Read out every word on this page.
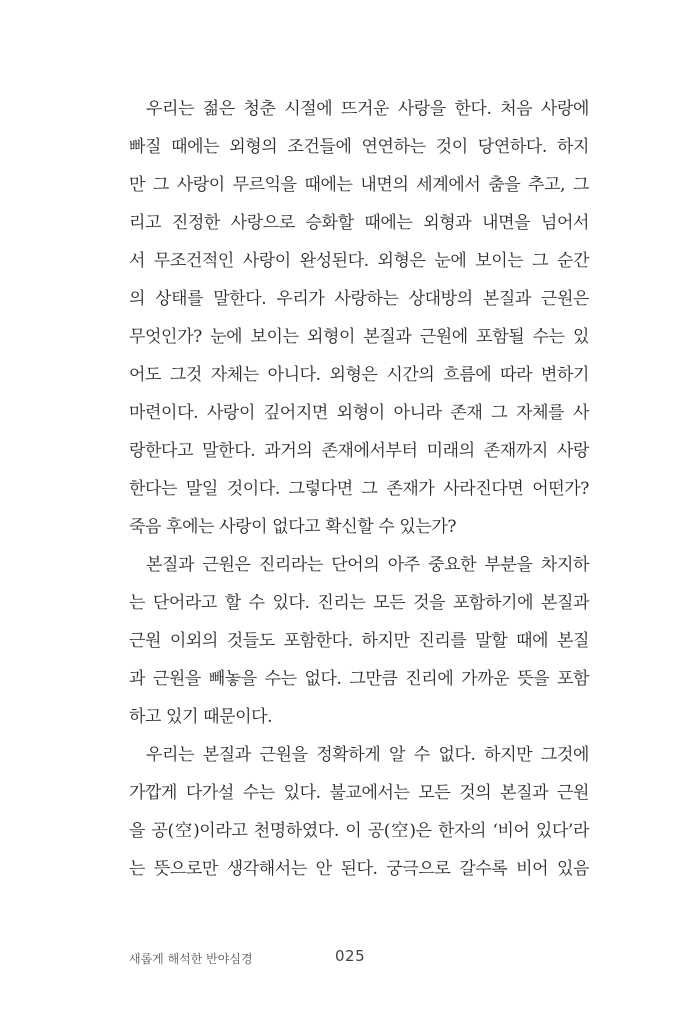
우리는 젊은 청춘 시절에 뜨거운 사랑을 한다. 처음 사랑에
빠질 때에는 외형의 조건들에 연연하는 것이 당연하다. 하지
만 그 사랑이 무르익을 때에는 내면의 세계에서 춤을 추고, 그
리고 진정한 사랑으로 승화할 때에는 외형과 내면을 넘어서
서 무조건적인 사랑이 완성된다. 외형은 눈에 보이는 그 순간
의 상태를 말한다. 우리가 사랑하는 상대방의 본질과 근원은
무엇인가? 눈에 보이는 외형이 본질과 근원에 포함될 수는 있
어도 그것 자체는 아니다. 외형은 시간의 흐름에 따라 변하기
마련이다. 사랑이 깊어지면 외형이 아니라 존재 그 자체를 사
랑한다고 말한다. 과거의 존재에서부터 미래의 존재까지 사랑
한다는 말일 것이다. 그렇다면 그 존재가 사라진다면 어떤가?
죽음 후에는 사랑이 없다고 확신할 수 있는가?
본질과 근원은 진리라는 단어의 아주 중요한 부분을 차지하
는 단어라고 할 수 있다. 진리는 모든 것을 포함하기에 본질과
근원 이외의 것들도 포함한다. 하지만 진리를 말할 때에 본질
과 근원을 빼놓을 수는 없다. 그만큼 진리에 가까운 뜻을 포함
하고 있기 때문이다.
우리는 본질과 근원을 정확하게 알 수 없다. 하지만 그것에
가깝게 다가설 수는 있다. 불교에서는 모든 것의 본질과 근원
을 공(空)이라고 천명하였다. 이 공(空)은 한자의 ‘비어 있다’라
는 뜻으로만 생각해서는 안 된다. 궁극으로 갈수록 비어 있음
새롭게 해석한 반야심경	025
